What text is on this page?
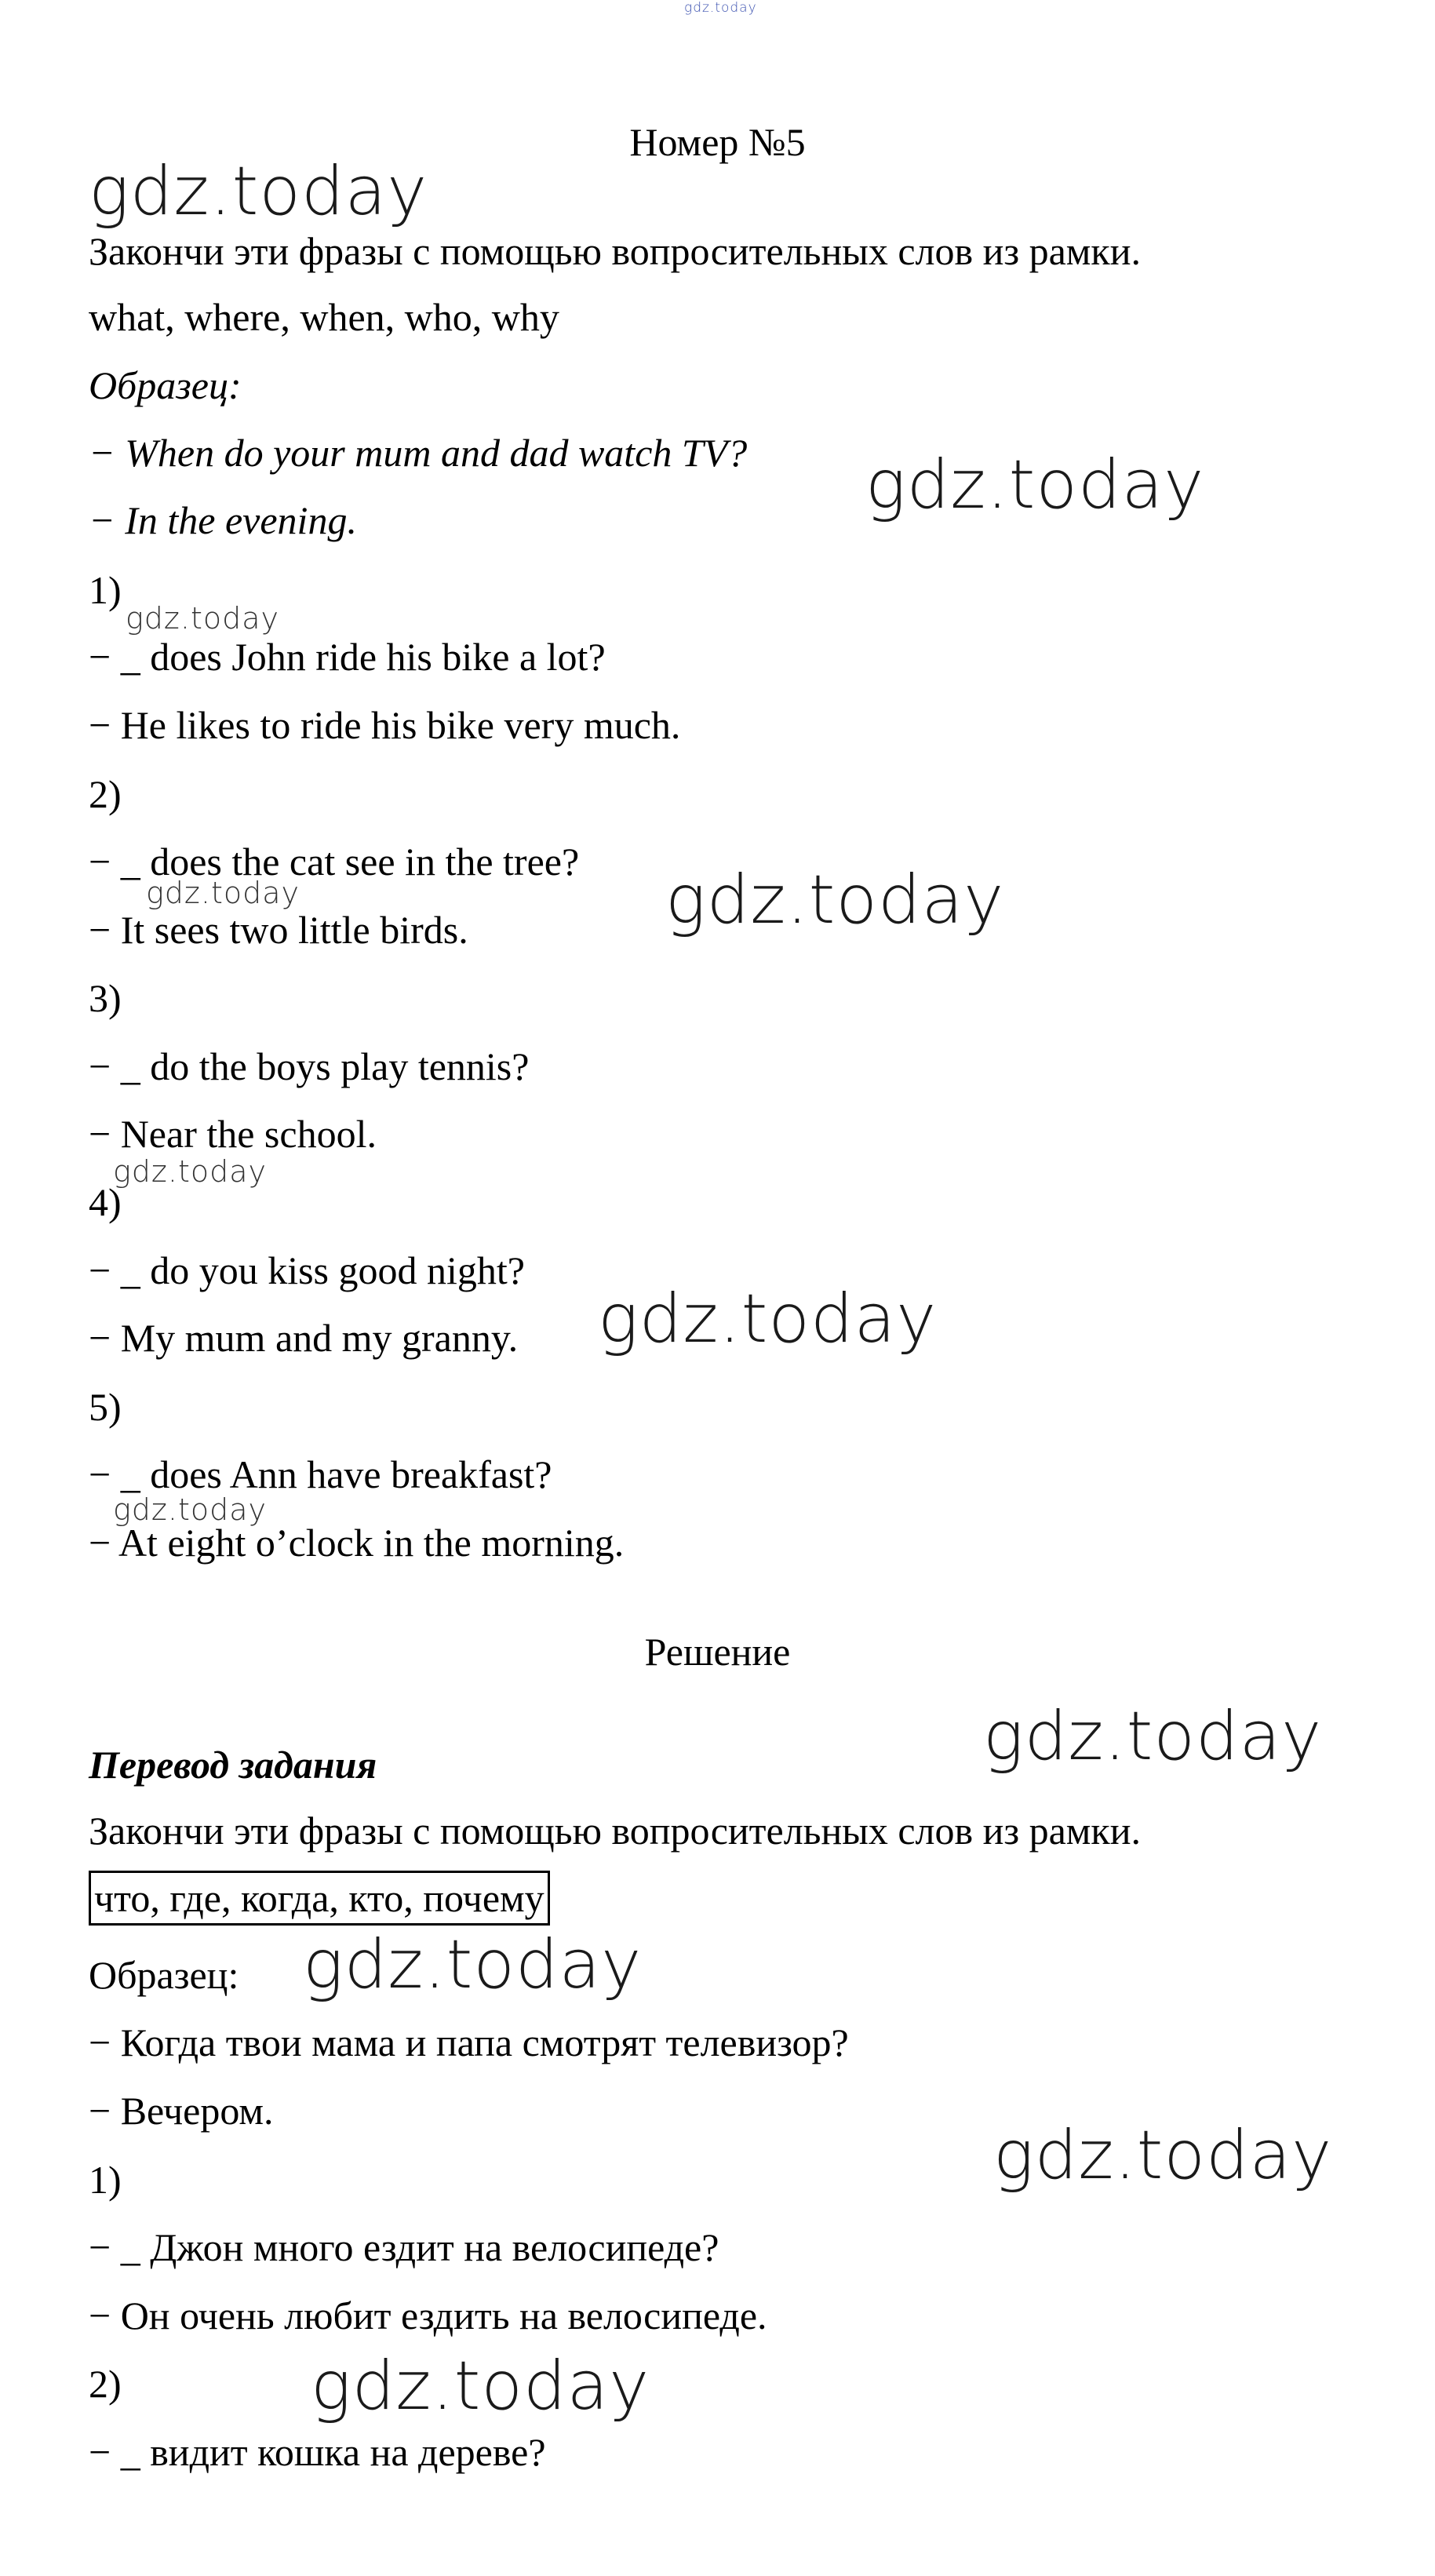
gdz.today

Номер №5

gdz.today

Закончи эти фразы с помощью вопросительных слов из рамки.

what, where, when, who, why

Образец:

− When do your mum and dad watch TV? gdz.today

− In the evening.

1)

gdz.today

− _ does John ride his bike a lot?

− He likes to ride his bike very much.

2)

− _ does the cat see in the tree?

gdz.today	gdz.today

− It sees two little birds.

3)

− _ do the boys play tennis?

− Near the school.

gdz.today

4)

− _ do you kiss good night?

gdz.today

− My mum and my granny.

5)

− _ does Ann have breakfast?

gdz.today

− At eight o’clock in the morning.

Решение

gdz.today

Перевод задания

Закончи эти фразы с помощью вопросительных слов из рамки.

что, где, когда, кто, почему

Образец: gdz.today

− Когда твои мама и папа смотрят телевизор?

− Вечером.

gdz.today

1)

− _ Джон много ездит на велосипеде?

− Он очень любит ездить на велосипеде.

2)	gdz.today

− _ видит кошка на дереве?
